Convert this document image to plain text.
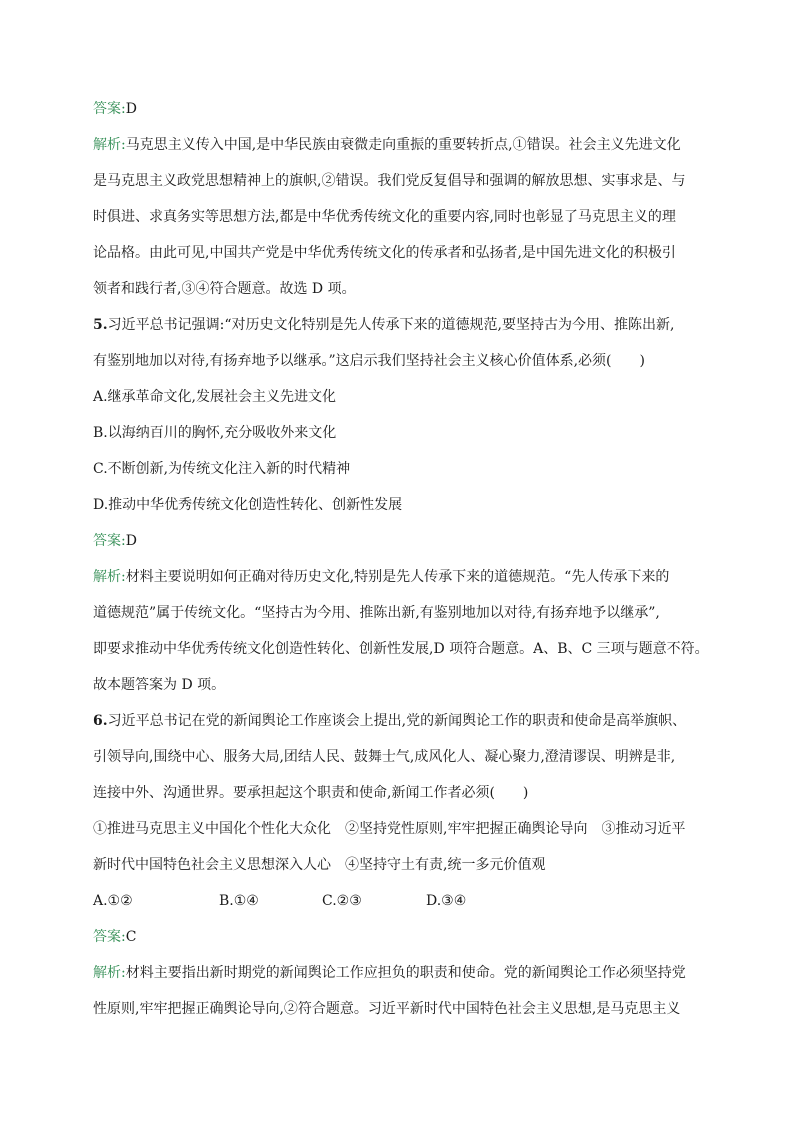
答案:D
解析:马克思主义传入中国,是中华民族由衰微走向重振的重要转折点,①错误。社会主义先进文化
是马克思主义政党思想精神上的旗帜,②错误。我们党反复倡导和强调的解放思想、实事求是、与
时俱进、求真务实等思想方法,都是中华优秀传统文化的重要内容,同时也彰显了马克思主义的理
论品格。由此可见,中国共产党是中华优秀传统文化的传承者和弘扬者,是中国先进文化的积极引
领者和践行者,③④符合题意。故选 D 项。
5.习近平总书记强调:“对历史文化特别是先人传承下来的道德规范,要坚持古为今用、推陈出新,
有鉴别地加以对待,有扬弃地予以继承。”这启示我们坚持社会主义核心价值体系,必须(　　)
A.继承革命文化,发展社会主义先进文化
B.以海纳百川的胸怀,充分吸收外来文化
C.不断创新,为传统文化注入新的时代精神
D.推动中华优秀传统文化创造性转化、创新性发展
答案:D
解析:材料主要说明如何正确对待历史文化,特别是先人传承下来的道德规范。“先人传承下来的
道德规范”属于传统文化。“坚持古为今用、推陈出新,有鉴别地加以对待,有扬弃地予以继承”,
即要求推动中华优秀传统文化创造性转化、创新性发展,D 项符合题意。A、B、C 三项与题意不符。
故本题答案为 D 项。
6.习近平总书记在党的新闻舆论工作座谈会上提出,党的新闻舆论工作的职责和使命是高举旗帜、
引领导向,围绕中心、服务大局,团结人民、鼓舞士气,成风化人、凝心聚力,澄清谬误、明辨是非,
连接中外、沟通世界。要承担起这个职责和使命,新闻工作者必须(　　)
①推进马克思主义中国化个性化大众化　②坚持党性原则,牢牢把握正确舆论导向　③推动习近平
新时代中国特色社会主义思想深入人心　④坚持守土有责,统一多元价值观
A.①②	B.①④	C.②③	D.③④
答案:C
解析:材料主要指出新时期党的新闻舆论工作应担负的职责和使命。党的新闻舆论工作必须坚持党
性原则,牢牢把握正确舆论导向,②符合题意。习近平新时代中国特色社会主义思想,是马克思主义
